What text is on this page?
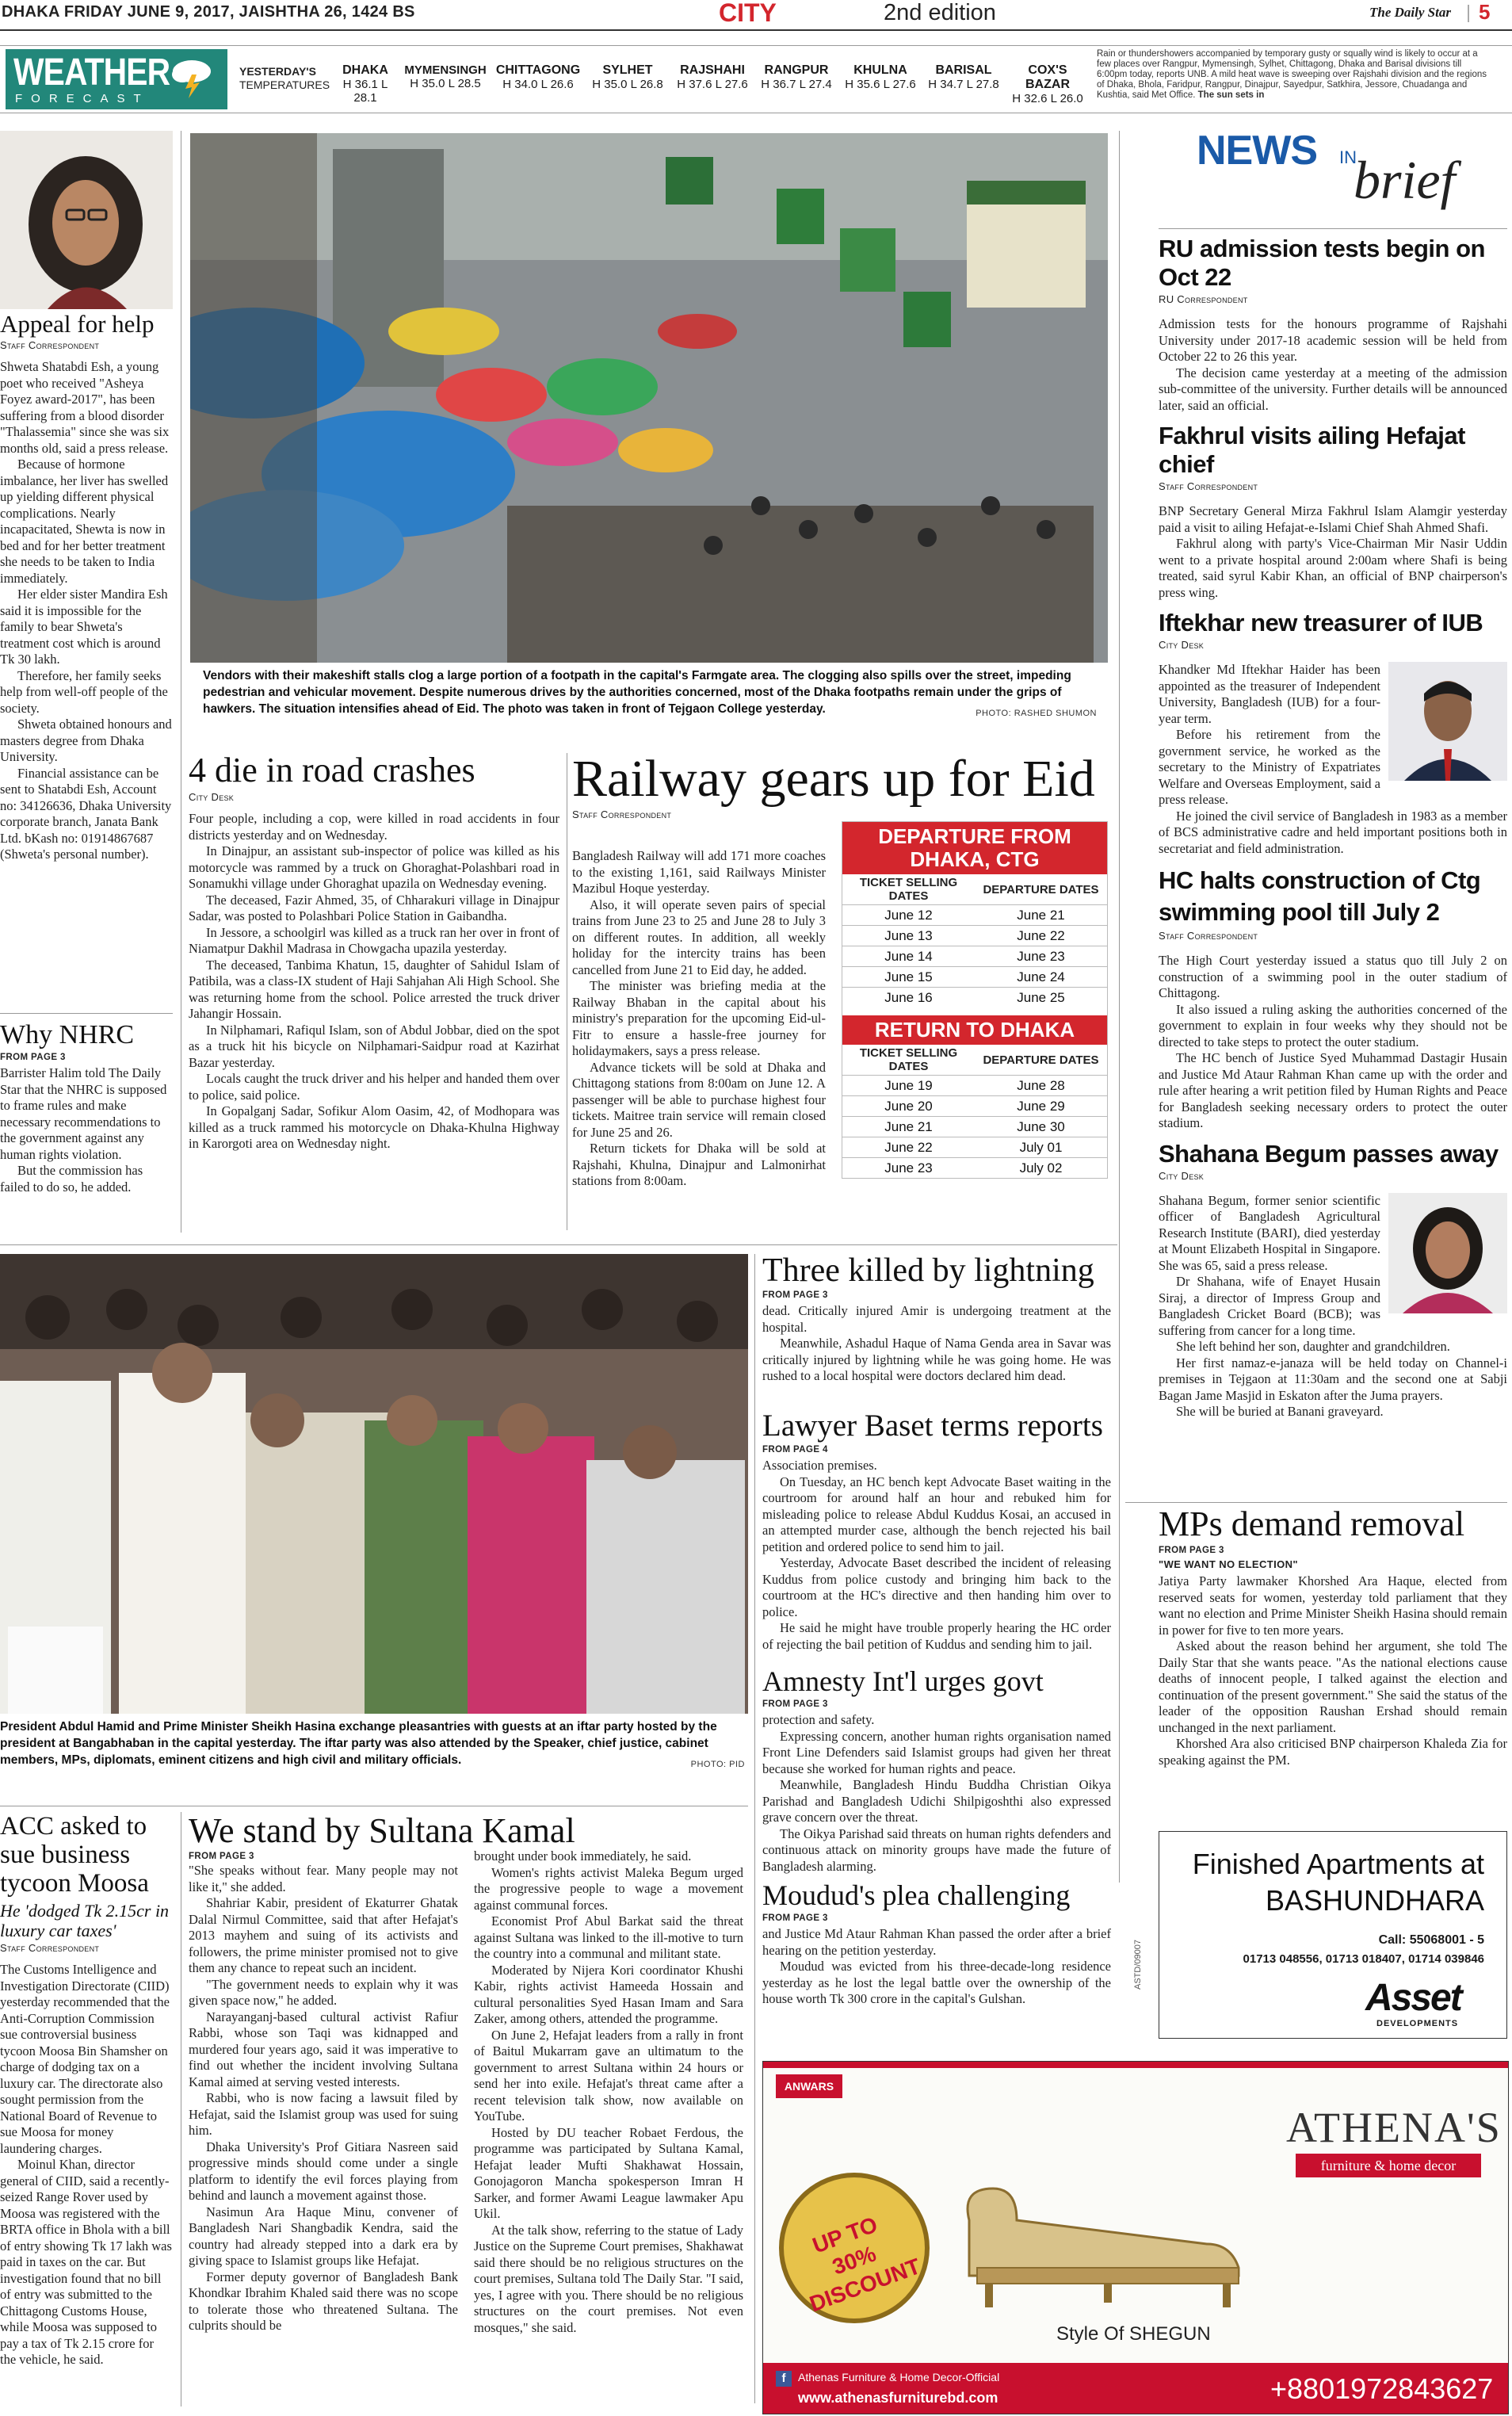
DHAKA FRIDAY JUNE 9, 2017, JAISHTHA 26, 1424 BS	CITY	2nd edition	The Daily Star 5
WEATHER
FORECAST
YESTERDAY'S
TEMPERATURES
DHAKA
H 36.1 L 28.1
MYMENSINGH
H 35.0 L 28.5
CHITTAGONG
H 34.0 L 26.6
SYLHET
H 35.0 L 26.8
RAJSHAHI
H 37.6 L 27.6
RANGPUR
H 36.7 L 27.4
KHULNA
H 35.6 L 27.6
BARISAL
H 34.7 L 27.8
COX'S BAZAR
H 32.6 L 26.0
Rain or thundershowers accompanied by temporary gusty or squally wind is likely to occur at a few places over Rangpur, Mymensingh, Sylhet, Chittagong, Dhaka and Barisal divisions till 6:00pm today, reports UNB. A mild heat wave is sweeping over Rajshahi division and the regions of Dhaka, Bhola, Faridpur, Rangpur, Dinajpur, Sayedpur, Satkhira, Jessore, Chuadanga and Kushtia, said Met Office. The sun sets in
Appeal for help
Staff Correspondent

Shweta Shatabdi Esh, a young poet who received "Asheya Foyez award-2017", has been suffering from a blood disorder "Thalassemia" since she was six months old, said a press release.

Because of hormone imbalance, her liver has swelled up yielding different physical complications. Nearly incapacitated, Shewta is now in bed and for her better treatment she needs to be taken to India immediately.

Her elder sister Mandira Esh said it is impossible for the family to bear Shweta's treatment cost which is around Tk 30 lakh.

Therefore, her family seeks help from well-off people of the society.

Shweta obtained honours and masters degree from Dhaka University.

Financial assistance can be sent to Shatabdi Esh, Account no: 34126636, Dhaka University corporate branch, Janata Bank Ltd. bKash no: 01914867687 (Shweta's personal number).

Why NHRC
FROM PAGE 3

Barrister Halim told The Daily Star that the NHRC is supposed to frame rules and make necessary recommendations to the government against any human rights violation.

But the commission has failed to do so, he added.

Vendors with their makeshift stalls clog a large portion of a footpath in the capital's Farmgate area. The clogging also spills over the street, impeding pedestrian and vehicular movement. Despite numerous drives by the authorities concerned, most of the Dhaka footpaths remain under the grips of hawkers. The situation intensifies ahead of Eid. The photo was taken in front of Tejgaon College yesterday.	PHOTO: RASHED SHUMON
4 die in road crashes
City Desk

Four people, including a cop, were killed in road accidents in four districts yesterday and on Wednesday.

In Dinajpur, an assistant sub-inspector of police was killed as his motorcycle was rammed by a truck on Ghoraghat-Polashbari road in Sonamukhi village under Ghoraghat upazila on Wednesday evening.

The deceased, Fazir Ahmed, 35, of Chharakuri village in Dinajpur Sadar, was posted to Polashbari Police Station in Gaibandha.

In Jessore, a schoolgirl was killed as a truck ran her over in front of Niamatpur Dakhil Madrasa in Chowgacha upazila yesterday.

The deceased, Tanbima Khatun, 15, daughter of Sahidul Islam of Patibila, was a class-IX student of Haji Sahjahan Ali High School. She was returning home from the school. Police arrested the truck driver Jahangir Hossain.

In Nilphamari, Rafiqul Islam, son of Abdul Jobbar, died on the spot as a truck hit his bicycle on Nilphamari-Saidpur road at Kazirhat Bazar yesterday.

Locals caught the truck driver and his helper and handed them over to police, said police.

In Gopalganj Sadar, Sofikur Alom Oasim, 42, of Modhopara was killed as a truck rammed his motorcycle on Dhaka-Khulna Highway in Karorgoti area on Wednesday night.

Railway gears up for Eid
Staff Correspondent

Bangladesh Railway will add 171 more coaches to the existing 1,161, said Railways Minister Mazibul Hoque yesterday.

Also, it will operate seven pairs of special trains from June 23 to 25 and June 28 to July 3 on different routes. In addition, all weekly holiday for the intercity trains has been cancelled from June 21 to Eid day, he added.

The minister was briefing media at the Railway Bhaban in the capital about his ministry's preparation for the upcoming Eid-ul-Fitr to ensure a hassle-free journey for holidaymakers, says a press release.

Advance tickets will be sold at Dhaka and Chittagong stations from 8:00am on June 12. A passenger will be able to purchase highest four tickets. Maitree train service will remain closed for June 25 and 26.

Return tickets for Dhaka will be sold at Rajshahi, Khulna, Dinajpur and Lalmonirhat stations from 8:00am.

DEPARTURE FROM DHAKA, CTG
TICKET SELLING DATES	DEPARTURE DATES
June 12	June 21
June 13	June 22
June 14	June 23
June 15	June 24
June 16	June 25
RETURN TO DHAKA
TICKET SELLING DATES	DEPARTURE DATES
June 19	June 28
June 20	June 29
June 21	June 30
June 22	July 01
June 23	July 02
President Abdul Hamid and Prime Minister Sheikh Hasina exchange pleasantries with guests at an iftar party hosted by the president at Bangabhaban in the capital yesterday. The iftar party was also attended by the Speaker, chief justice, cabinet members, MPs, diplomats, eminent citizens and high civil and military officials.	PHOTO: PID
Three killed by lightning
FROM PAGE 3

dead. Critically injured Amir is undergoing treatment at the hospital.

Meanwhile, Ashadul Haque of Nama Genda area in Savar was critically injured by lightning while he was going home. He was rushed to a local hospital were doctors declared him dead.

Lawyer Baset terms reports
FROM PAGE 4

Association premises.

On Tuesday, an HC bench kept Advocate Baset waiting in the courtroom for around half an hour and rebuked him for misleading police to release Abdul Kuddus Kosai, an accused in an attempted murder case, although the bench rejected his bail petition and ordered police to send him to jail.

Yesterday, Advocate Baset described the incident of releasing Kuddus from police custody and bringing him back to the courtroom at the HC's directive and then handing him over to police.

He said he might have trouble properly hearing the HC order of rejecting the bail petition of Kuddus and sending him to jail.

Amnesty Int'l urges govt
FROM PAGE 3

protection and safety.

Expressing concern, another human rights organisation named Front Line Defenders said Islamist groups had given her threat because she worked for human rights and peace.

Meanwhile, Bangladesh Hindu Buddha Christian Oikya Parishad and Bangladesh Udichi Shilpigoshthi also expressed grave concern over the threat.

The Oikya Parishad said threats on human rights defenders and continuous attack on minority groups have made the future of Bangladesh alarming.

Moudud's plea challenging
FROM PAGE 3

and Justice Md Ataur Rahman Khan passed the order after a brief hearing on the petition yesterday.

Moudud was evicted from his three-decade-long residence yesterday as he lost the legal battle over the ownership of the house worth Tk 300 crore in the capital's Gulshan.

ACC asked to sue business tycoon Moosa
He 'dodged Tk 2.15cr in luxury car taxes'
Staff Correspondent

The Customs Intelligence and Investigation Directorate (CIID) yesterday recommended that the Anti-Corruption Commission sue controversial business tycoon Moosa Bin Shamsher on charge of dodging tax on a luxury car. The directorate also sought permission from the National Board of Revenue to sue Moosa for money laundering charges.

Moinul Khan, director general of CIID, said a recently-seized Range Rover used by Moosa was registered with the BRTA office in Bhola with a bill of entry showing Tk 17 lakh was paid in taxes on the car. But investigation found that no bill of entry was submitted to the Chittagong Customs House, while Moosa was supposed to pay a tax of Tk 2.15 crore for the vehicle, he said.

We stand by Sultana Kamal
FROM PAGE 3

"She speaks without fear. Many people may not like it," she added.

Shahriar Kabir, president of Ekaturrer Ghatak Dalal Nirmul Committee, said that after Hefajat's 2013 mayhem and suing of its activists and followers, the prime minister promised not to give them any chance to repeat such an incident.

"The government needs to explain why it was given space now," he added.

Narayanganj-based cultural activist Rafiur Rabbi, whose son Taqi was kidnapped and murdered four years ago, said it was imperative to find out whether the incident involving Sultana Kamal aimed at serving vested interests.

Rabbi, who is now facing a lawsuit filed by Hefajat, said the Islamist group was used for suing him.

Dhaka University's Prof Gitiara Nasreen said progressive minds should come under a single platform to identify the evil forces playing from behind and launch a movement against those.

Nasimun Ara Haque Minu, convener of Bangladesh Nari Shangbadik Kendra, said the country had already stepped into a dark era by giving space to Islamist groups like Hefajat.

Former deputy governor of Bangladesh Bank Khondkar Ibrahim Khaled said there was no scope to tolerate those who threatened Sultana. The culprits should be

brought under book immediately, he said.

Women's rights activist Maleka Begum urged the progressive people to wage a movement against communal forces.

Economist Prof Abul Barkat said the threat against Sultana was linked to the ill-motive to turn the country into a communal and militant state.

Moderated by Nijera Kori coordinator Khushi Kabir, rights activist Hameeda Hossain and cultural personalities Syed Hasan Imam and Sara Zaker, among others, attended the programme.

On June 2, Hefajat leaders from a rally in front of Baitul Mukarram gave an ultimatum to the government to arrest Sultana within 24 hours or send her into exile. Hefajat's threat came after a recent television talk show, now available on YouTube.

Hosted by DU teacher Robaet Ferdous, the programme was participated by Sultana Kamal, Hefajat leader Mufti Shakhawat Hossain, Gonojagoron Mancha spokesperson Imran H Sarker, and former Awami League lawmaker Apu Ukil.

At the talk show, referring to the statue of Lady Justice on the Supreme Court premises, Shakhawat said there should be no religious structures on the court premises, Sultana told The Daily Star. "I said, yes, I agree with you. There should be no religious structures on the court premises. Not even mosques," she said.

NEWS IN
brief
RU admission tests begin on Oct 22
RU Correspondent

Admission tests for the honours programme of Rajshahi University under 2017-18 academic session will be held from October 22 to 26 this year.

The decision came yesterday at a meeting of the admission sub-committee of the university. Further details will be announced later, said an official.

Fakhrul visits ailing Hefajat chief
Staff Correspondent

BNP Secretary General Mirza Fakhrul Islam Alamgir yesterday paid a visit to ailing Hefajat-e-Islami Chief Shah Ahmed Shafi.

Fakhrul along with party's Vice-Chairman Mir Nasir Uddin went to a private hospital around 2:00am where Shafi is being treated, said syrul Kabir Khan, an official of BNP chairperson's press wing.

Iftekhar new treasurer of IUB
City Desk

Khandker Md Iftekhar Haider has been appointed as the treasurer of Independent University, Bangladesh (IUB) for a four-year term.

Before his retirement from the government service, he worked as the secretary to the Ministry of Expatriates Welfare and Overseas Employment, said a press release.

He joined the civil service of Bangladesh in 1983 as a member of BCS administrative cadre and held important positions both in secretariat and field administration.

HC halts construction of Ctg swimming pool till July 2
Staff Correspondent

The High Court yesterday issued a status quo till July 2 on construction of a swimming pool in the outer stadium of Chittagong.

It also issued a ruling asking the authorities concerned of the government to explain in four weeks why they should not be directed to take steps to protect the outer stadium.

The HC bench of Justice Syed Muhammad Dastagir Husain and Justice Md Ataur Rahman Khan came up with the order and rule after hearing a writ petition filed by Human Rights and Peace for Bangladesh seeking necessary orders to protect the outer stadium.

Shahana Begum passes away
City Desk

Shahana Begum, former senior scientific officer of Bangladesh Agricultural Research Institute (BARI), died yesterday at Mount Elizabeth Hospital in Singapore. She was 65, said a press release.

Dr Shahana, wife of Enayet Husain Siraj, a director of Impress Group and Bangladesh Cricket Board (BCB); was suffering from cancer for a long time.

She left behind her son, daughter and grandchildren.

Her first namaz-e-janaza will be held today on Channel-i premises in Tejgaon at 11:30am and the second one at Sabji Bagan Jame Masjid in Eskaton after the Juma prayers.

She will be buried at Banani graveyard.

MPs demand removal
FROM PAGE 3
"WE WANT NO ELECTION"

Jatiya Party lawmaker Khorshed Ara Haque, elected from reserved seats for women, yesterday told parliament that they want no election and Prime Minister Sheikh Hasina should remain in power for five to ten more years.

Asked about the reason behind her argument, she told The Daily Star that she wants peace. "As the national elections cause deaths of innocent people, I talked against the election and continuation of the present government." She said the status of the leader of the opposition Raushan Ershad should remain unchanged in the next parliament.

Khorshed Ara also criticised BNP chairperson Khaleda Zia for speaking against the PM.

Finished Apartments at BASHUNDHARA
Call: 55068001 - 5
01713 048556, 01713 018407, 01714 039846
Asset
DEVELOPMENTS
ASTD/09007
ANWARS
ATHENA'S
furniture & home decor
UP TO 30% DISCOUNT
Style Of SHEGUN
f	Athenas Furniture & Home Decor-Official
www.athenasfurniturebd.com	+8801972843627
